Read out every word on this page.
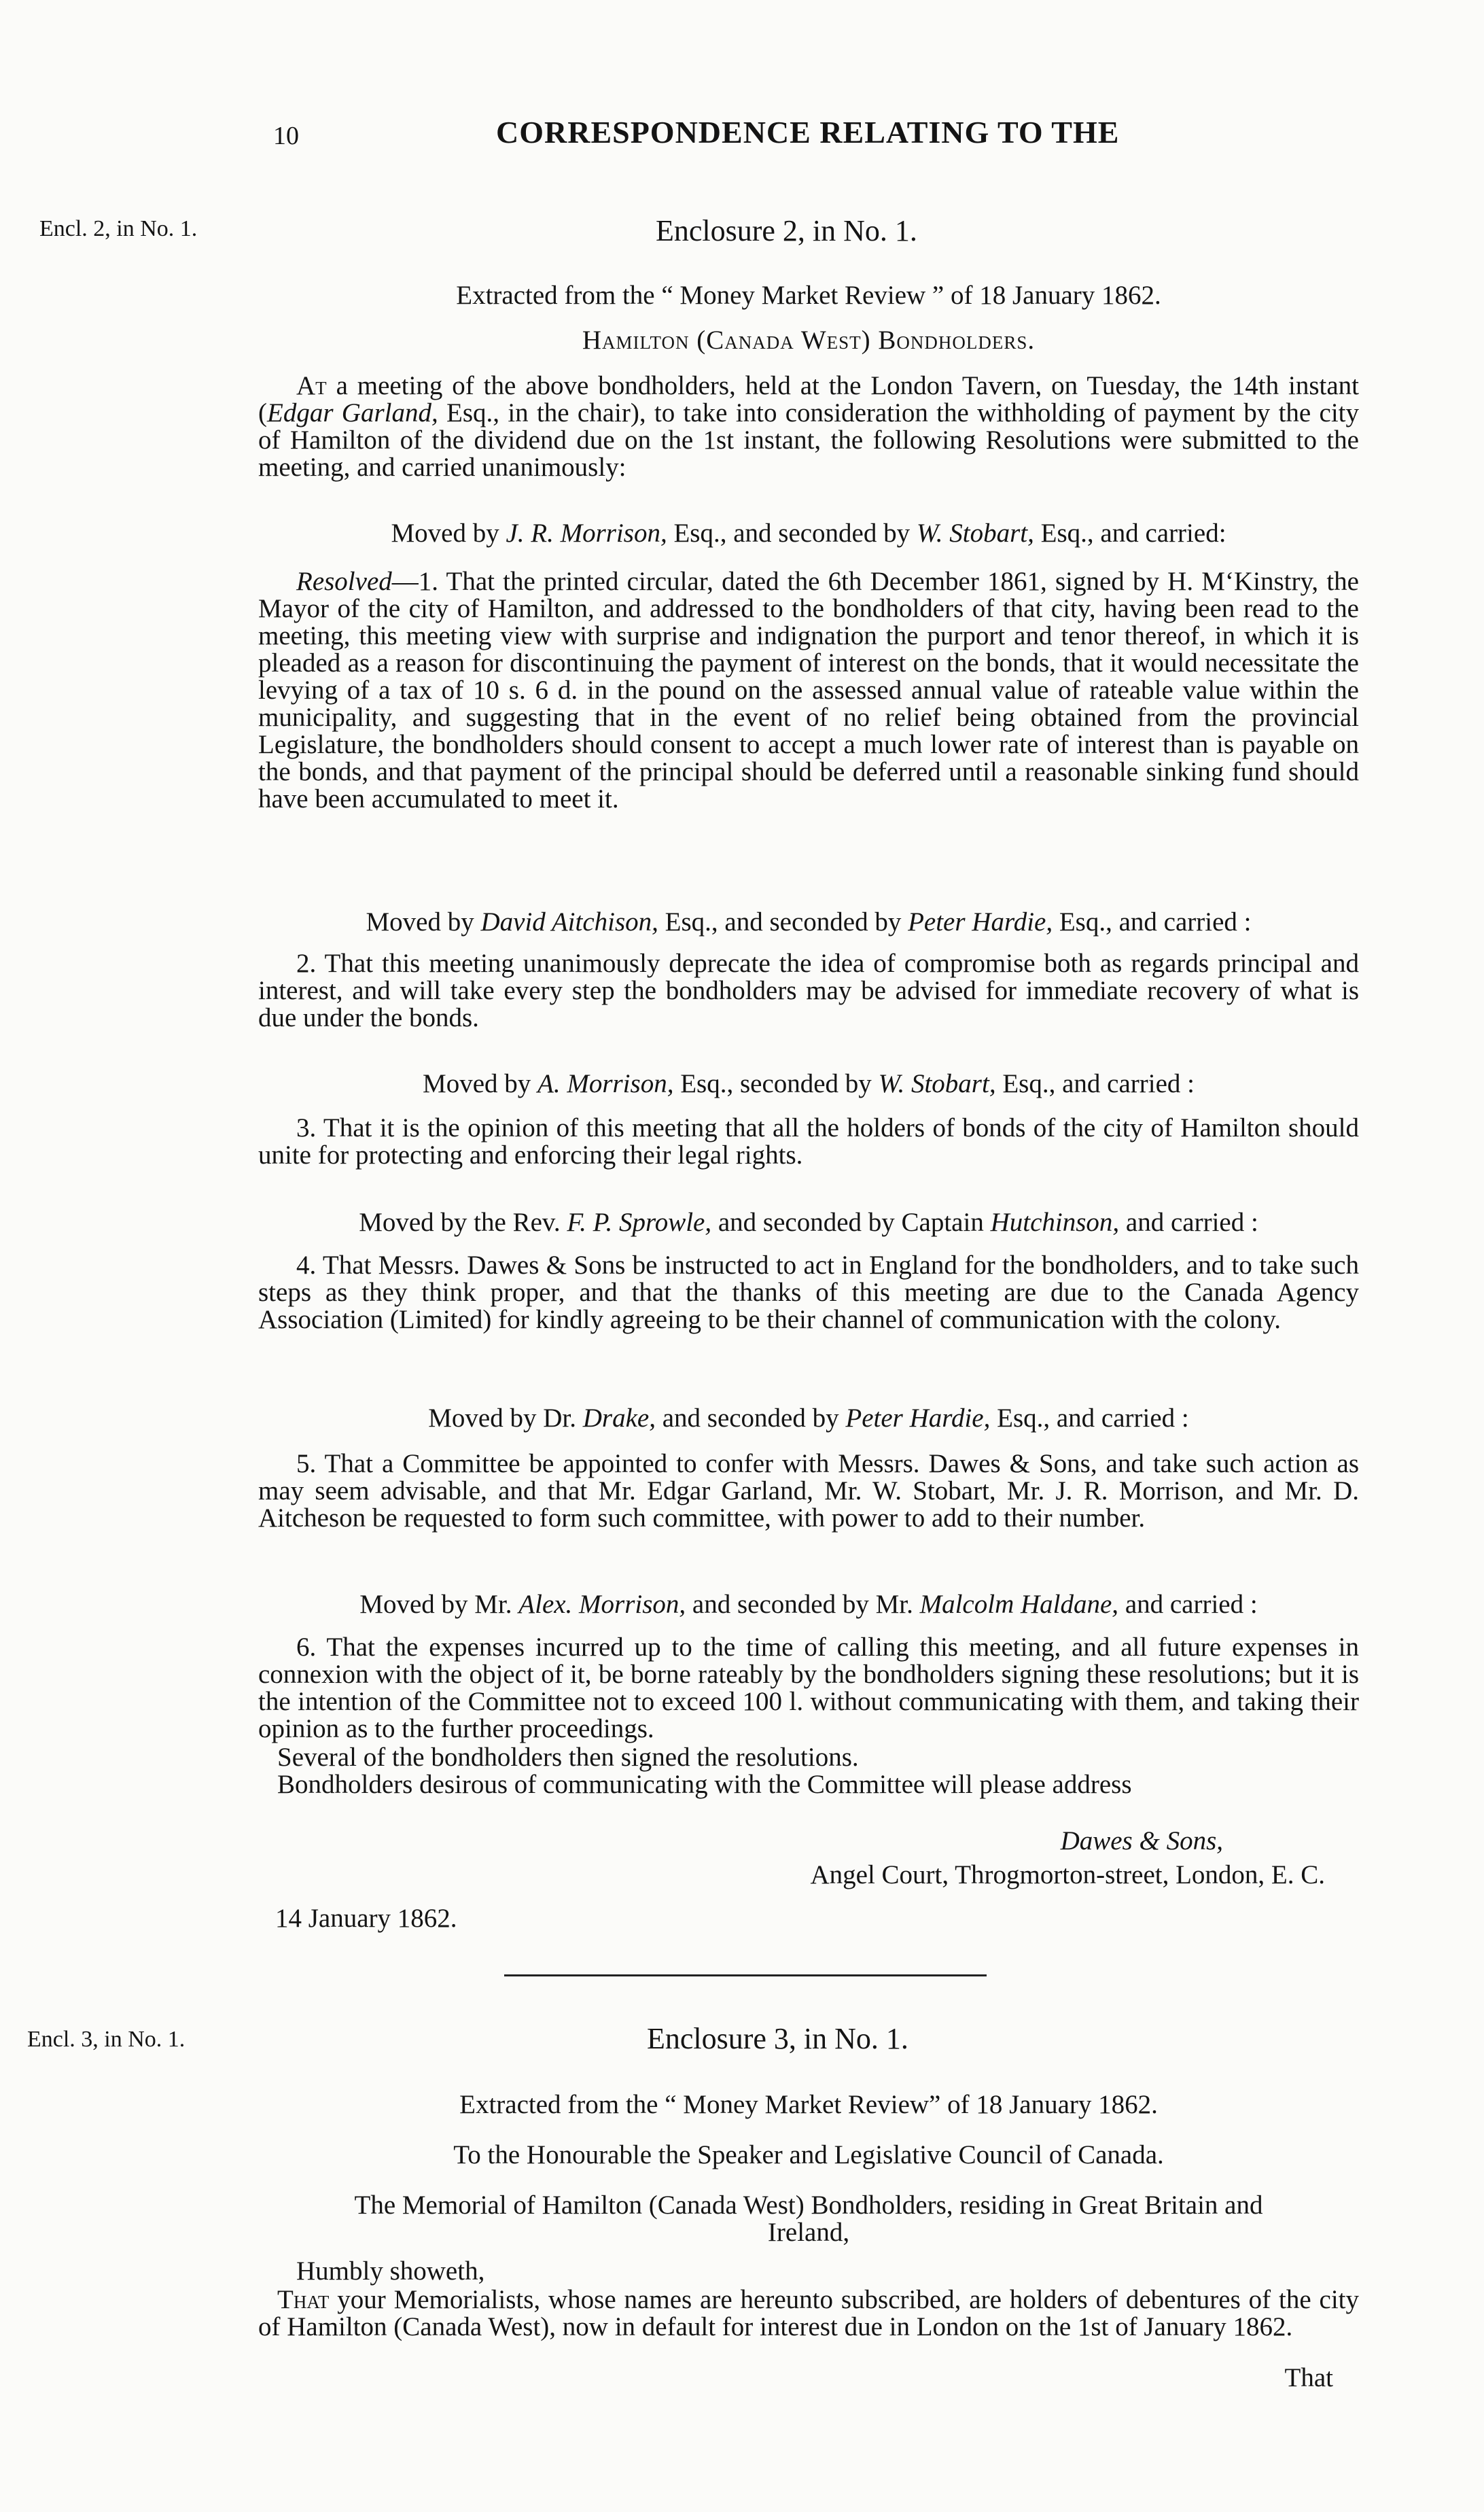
10	CORRESPONDENCE RELATING TO THE
Encl. 2, in No. 1.	Enclosure 2, in No. 1.
Extracted from the “ Money Market Review ” of 18 January 1862.
Hamilton (Canada West) Bondholders.
At a meeting of the above bondholders, held at the London Tavern, on Tuesday, the 14th instant (Edgar Garland, Esq., in the chair), to take into consideration the withholding of payment by the city of Hamilton of the dividend due on the 1st instant, the following Resolutions were submitted to the meeting, and carried unanimously:
Moved by J. R. Morrison, Esq., and seconded by W. Stobart, Esq., and carried:
Resolved—1. That the printed circular, dated the 6th December 1861, signed by H. M‘Kinstry, the Mayor of the city of Hamilton, and addressed to the bondholders of that city, having been read to the meeting, this meeting view with surprise and indignation the purport and tenor thereof, in which it is pleaded as a reason for discontinuing the payment of interest on the bonds, that it would necessitate the levying of a tax of 10 s. 6 d. in the pound on the assessed annual value of rateable value within the municipality, and suggesting that in the event of no relief being obtained from the provincial Legislature, the bondholders should consent to accept a much lower rate of interest than is payable on the bonds, and that payment of the principal should be deferred until a reasonable sinking fund should have been accumulated to meet it.
Moved by David Aitchison, Esq., and seconded by Peter Hardie, Esq., and carried :
2. That this meeting unanimously deprecate the idea of compromise both as regards principal and interest, and will take every step the bondholders may be advised for immediate recovery of what is due under the bonds.
Moved by A. Morrison, Esq., seconded by W. Stobart, Esq., and carried :
3. That it is the opinion of this meeting that all the holders of bonds of the city of Hamilton should unite for protecting and enforcing their legal rights.
Moved by the Rev. F. P. Sprowle, and seconded by Captain Hutchinson, and carried :
4. That Messrs. Dawes & Sons be instructed to act in England for the bondholders, and to take such steps as they think proper, and that the thanks of this meeting are due to the Canada Agency Association (Limited) for kindly agreeing to be their channel of communication with the colony.
Moved by Dr. Drake, and seconded by Peter Hardie, Esq., and carried :
5. That a Committee be appointed to confer with Messrs. Dawes & Sons, and take such action as may seem advisable, and that Mr. Edgar Garland, Mr. W. Stobart, Mr. J. R. Morrison, and Mr. D. Aitcheson be requested to form such committee, with power to add to their number.
Moved by Mr. Alex. Morrison, and seconded by Mr. Malcolm Haldane, and carried :
6. That the expenses incurred up to the time of calling this meeting, and all future expenses in connexion with the object of it, be borne rateably by the bondholders signing these resolutions; but it is the intention of the Committee not to exceed 100 l. without communicating with them, and taking their opinion as to the further proceedings.
Several of the bondholders then signed the resolutions.
Bondholders desirous of communicating with the Committee will please address
Dawes & Sons,
Angel Court, Throgmorton-street, London, E. C.
14 January 1862.
Encl. 3, in No. 1.	Enclosure 3, in No. 1.
Extracted from the “ Money Market Review” of 18 January 1862.
To the Honourable the Speaker and Legislative Council of Canada.
The Memorial of Hamilton (Canada West) Bondholders, residing in Great Britain and
Ireland,
Humbly showeth,
That your Memorialists, whose names are hereunto subscribed, are holders of debentures of the city of Hamilton (Canada West), now in default for interest due in London on the 1st of January 1862.
That
